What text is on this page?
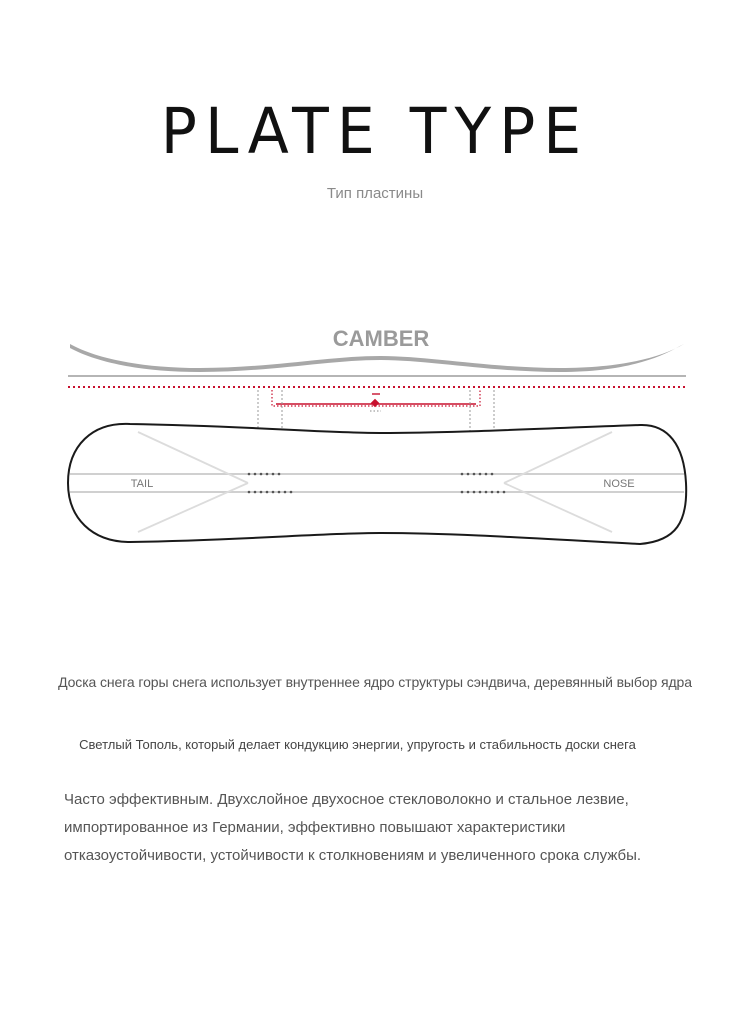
PLATE TYPE
Тип пластины
CAMBER
TAIL	NOSE
Доска снега горы снега использует внутреннее ядро структуры сэндвича, деревянный выбор ядра
Светлый Тополь, который делает кондукцию энергии, упругость и стабильность доски снега

Часто эффективным. Двухслойное двухосное стекловолокно и стальное лезвие, импортированное из Германии, эффективно повышают характеристики отказоустойчивости, устойчивости к столкновениям и увеличенного срока службы.
